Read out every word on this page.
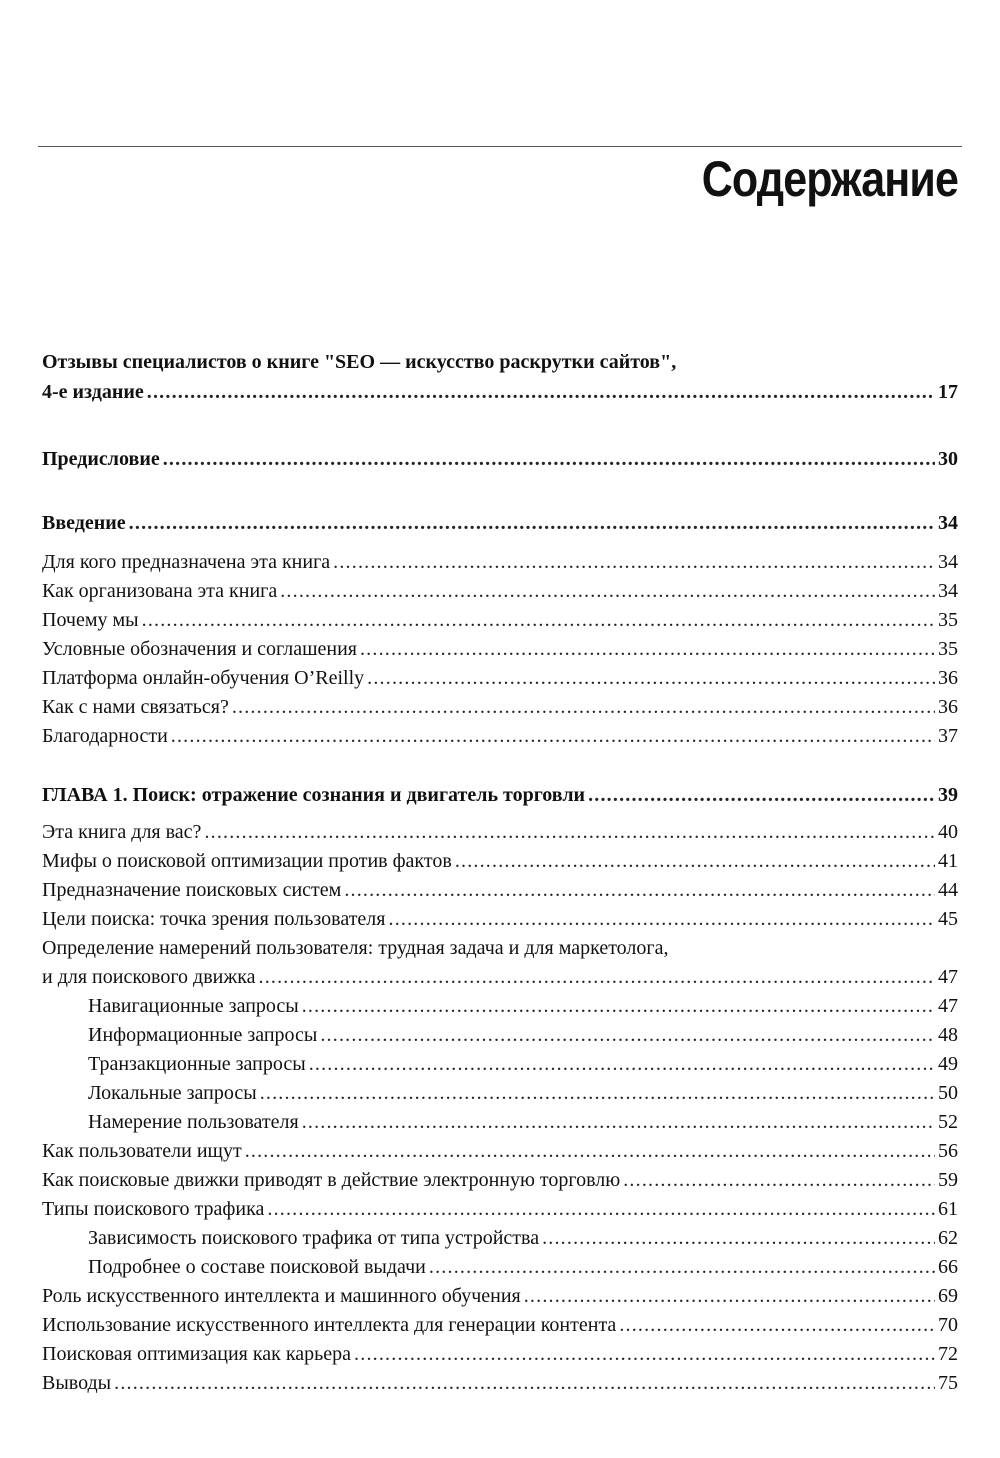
Содержание
Отзывы специалистов о книге "SEO — искусство раскрутки сайтов",
4-е издание .....	17
Предисловие .....	30
Введение .....	34
Для кого предназначена эта книга .....	34
Как организована эта книга .....	34
Почему мы .....	35
Условные обозначения и соглашения .....	35
Платформа онлайн-обучения O’Reilly .....	36
Как с нами связаться? .....	36
Благодарности .....	37
ГЛАВА 1. Поиск: отражение сознания и двигатель торговли .....	39
Эта книга для вас? .....	40
Мифы о поисковой оптимизации против фактов .....	41
Предназначение поисковых систем .....	44
Цели поиска: точка зрения пользователя .....	45
Определение намерений пользователя: трудная задача и для маркетолога,
и для поискового движка .....	47
Навигационные запросы .....	47
Информационные запросы .....	48
Транзакционные запросы .....	49
Локальные запросы .....	50
Намерение пользователя .....	52
Как пользователи ищут .....	56
Как поисковые движки приводят в действие электронную торговлю .....	59
Типы поискового трафика .....	61
Зависимость поискового трафика от типа устройства .....	62
Подробнее о составе поисковой выдачи .....	66
Роль искусственного интеллекта и машинного обучения .....	69
Использование искусственного интеллекта для генерации контента .....	70
Поисковая оптимизация как карьера .....	72
Выводы .....	75
